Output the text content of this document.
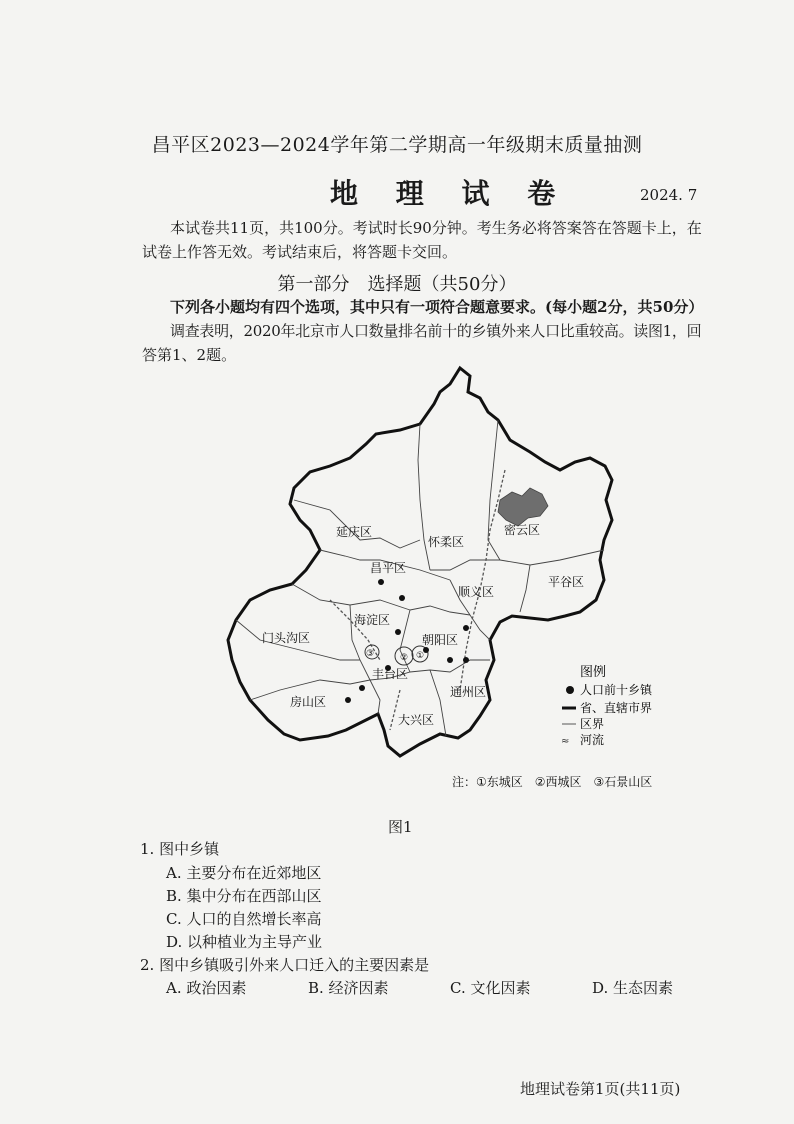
昌平区2023—2024学年第二学期高一年级期末质量抽测
地 理 试 卷	2024. 7
本试卷共11页，共100分。考试时长90分钟。考生务必将答案答在答题卡上，在
试卷上作答无效。考试结束后，将答题卡交回。
第一部分　选择题（共50分）
下列各小题均有四个选项，其中只有一项符合题意要求。(每小题2分，共50分）
调查表明，2020年北京市人口数量排名前十的乡镇外来人口比重较高。读图1，回
答第1、2题。
延庆区
怀柔区
密云区
昌平区
平谷区
顺义区
海淀区
朝阳区
门头沟区
丰台区
房山区
通州区
大兴区
③	② ①
图例
人口前十乡镇
省、直辖市界
区界
≈ 河流
注：①东城区　②西城区　③石景山区
图1
1. 图中乡镇
A. 主要分布在近郊地区
B. 集中分布在西部山区
C. 人口的自然增长率高
D. 以种植业为主导产业
2. 图中乡镇吸引外来人口迁入的主要因素是
A. 政治因素	B. 经济因素	C. 文化因素	D. 生态因素
地理试卷第1页(共11页)
